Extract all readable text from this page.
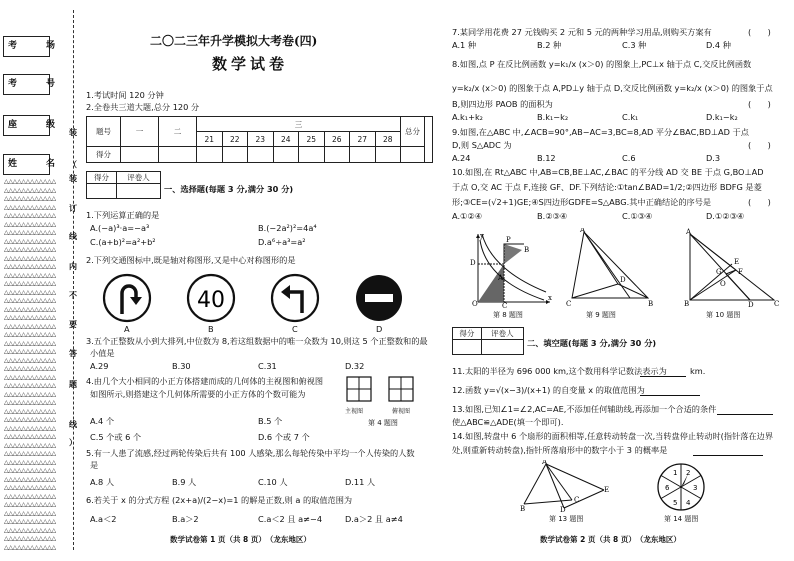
考　场
考　号
座　级
姓　名
△△△△△△△△△△△△
△△△△△△△△△△△△
△△△△△△△△△△△△
△△△△△△△△△△△△
△△△△△△△△△△△△
△△△△△△△△△△△△
△△△△△△△△△△△△
△△△△△△△△△△△△
△△△△△△△△△△△△
△△△△△△△△△△△△
△△△△△△△△△△△△
△△△△△△△△△△△△
△△△△△△△△△△△△
△△△△△△△△△△△△
△△△△△△△△△△△△
△△△△△△△△△△△△
△△△△△△△△△△△△
△△△△△△△△△△△△
△△△△△△△△△△△△
△△△△△△△△△△△△
△△△△△△△△△△△△
△△△△△△△△△△△△
△△△△△△△△△△△△
△△△△△△△△△△△△
△△△△△△△△△△△△
△△△△△△△△△△△△
△△△△△△△△△△△△
△△△△△△△△△△△△
△△△△△△△△△△△△
△△△△△△△△△△△△
△△△△△△△△△△△△
△△△△△△△△△△△△
△△△△△△△△△△△△
△△△△△△△△△△△△
△△△△△△△△△△△△
△△△△△△△△△△△△
△△△△△△△△△△△△
△△△△△△△△△△△△
△△△△△△△△△△△△
△△△△△△△△△△△△
△△△△△△△△△△△△
△△△△△△△△△△△△
△△△△△△△△△△△△
△△△△△△△△△△△△
装
（
装
订
线
内
不
要
答
题
线
）
二〇二三年升学模拟大考卷(四)
数学试卷
1.考试时间 120 分钟
2.全卷共三道大题,总分 120 分
题号	一	二	三								总分	
			21	22	23	24	25	26	27	28		
得分												
得分	评卷人

一、选择题(每题 3 分,满分 30 分)
1.下列运算正确的是
A.(−a)³·a=−a³	B.(−2a²)²=4a⁴
C.(a+b)²=a²+b²	D.a⁶÷a³=a²
2.下列交通图标中,既是轴对称图形,又是中心对称图形的是
40
A	B	C	D
3.五个正整数从小到大排列,中位数为 8,若这组数据中的唯一众数为 10,则这 5 个正整数和的最
小值是
A.29	B.30	C.31	D.32
4.由几个大小相同的小正方体搭建而成的几何体的主视图和俯视图
如图所示,则搭建这个几何体所需要的小正方体的个数可能为
A.4 个	B.5 个
C.5 个或 6 个	D.6 个或 7 个
主视图	俯视图
第 4 题图
5.有一人患了流感,经过两轮传染后共有 100 人感染,那么每轮传染中平均一个人传染的人数
是
A.8 人	B.9 人	C.10 人	D.11 人
6.若关于 x 的分式方程 (2x+a)/(2−x)=1 的解是正数,则 a 的取值范围为
A.a＜2	B.a＞2	C.a＜2 且 a≠−4	D.a＞2 且 a≠4
数学试卷第 1 页（共 8 页）　（龙东地区）
7.某同学用花费 27 元钱购买 2 元和 5 元的两种学习用品,则购买方案有	(　　)
A.1 种	B.2 种	C.3 种	D.4 种
8.如图,点 P 在反比例函数 y=k₁/x (x＞0) 的图象上,PC⊥x 轴于点 C,交反比例函数
y=k₂/x (x＞0) 的图象于点 A,PD⊥y 轴于点 D,交反比例函数 y=k₂/x (x＞0) 的图象于点
B,则四边形 PAOB 的面积为	(　　)
A.k₁+k₂	B.k₁−k₂	C.k₁	D.k₁−k₂
9.如图,在△ABC 中,∠ACB=90°,AB−AC=3,BC=8,AD 平分∠BAC,BD⊥AD 于点
D,则 S△ADC 为	(　　)
A.24	B.12	C.6	D.3
10.如图,在 Rt△ABC 中,AB=CB,BE⊥AC,∠BAC 的平分线 AD 交 BE 于点 G,BO⊥AD
于点 O,交 AC 于点 F,连接 GF、DF.下列结论:①tan∠BAD=1/2;②四边形 BDFG 是菱
形;③CE=(√2+1)GE;④S四边形GDFE=S△ABG.其中正确结论的序号是	(　　)
A.①②④	B.②③④	C.①③④	D.①②③④
D
O	C
P
x
y
B
A
第 8 题图
A
C	B
D
第 9 题图
A
B	C
D
E
F
G
O
第 10 题图
得分	评卷人

二、填空题(每题 3 分,满分 30 分)
11.太阳的半径为 696 000 km,这个数用科学记数法表示为	km.
12.函数 y=√(x−3)/(x+1) 的自变量 x 的取值范围为
13.如图,已知∠1=∠2,AC=AE,不添加任何辅助线,再添加一个合适的条件
使△ABC≌△ADE(填一个即可).
14.如图,转盘中 6 个扇形的面积相等,任意转动转盘一次,当转盘停止转动时(指针落在边界
处,则重新转动转盘),指针所落扇形中的数字小于 3 的概率是
A
B
C
D
E
第 13 题图
1 2
3
4
5
6
第 14 题图
数学试卷第 2 页（共 8 页）　（龙东地区）
